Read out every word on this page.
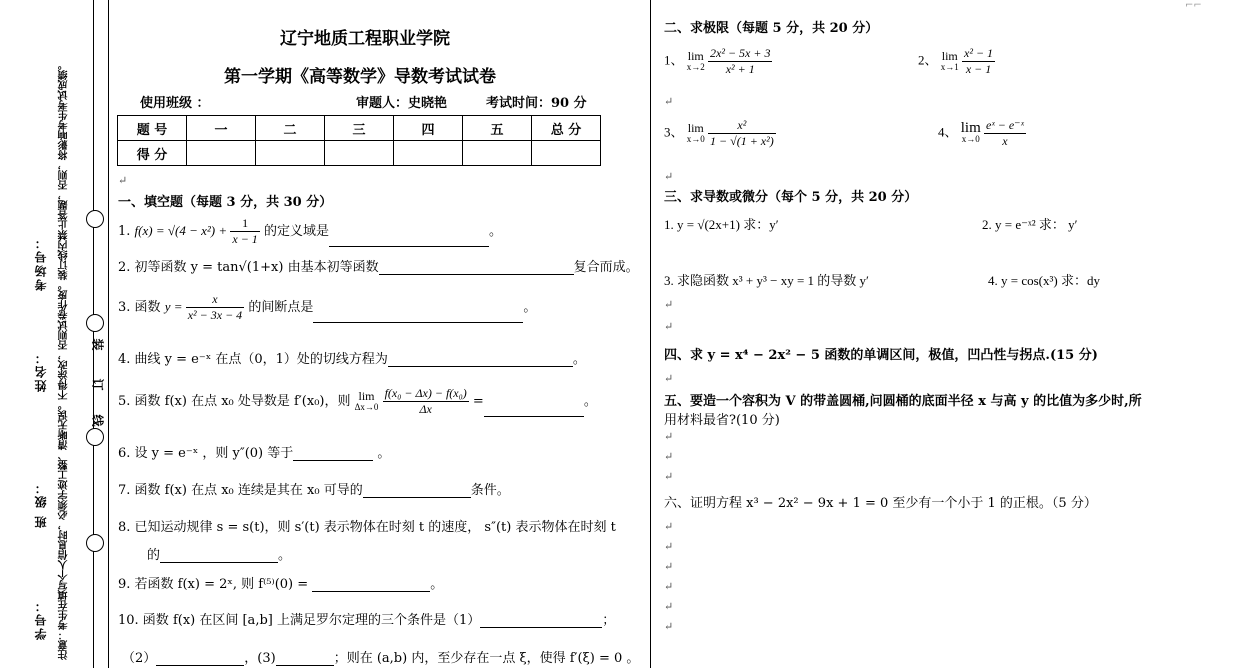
注意：考生在填写个人信息时，必须字迹工整、清晰无误。不得涂改，否则试卷作废。装订线内禁止答题，否则，将影响考生考试成绩。
学号：
班 级：
姓名：
考场号：
装
订
线
⌐⌐
辽宁地质工程职业学院
第一学期《高等数学》导数考试试卷
使用班级 ：	审题人：史晓艳	考试时间：90 分
题 号	一	二	三	四	五	总 分
得 分						
一、填空题（每题 3 分，共 30 分）
1. $f(x) = √(4 - x^2) + \frac{1}{x - 1}$ 的定义域是	。
2. 初等函数 y = tan√(1+x) 由基本初等函数	复合而成。
3. 函数 $y = \frac{x}{\text{x² − 3x − 4}}$ 的间断点是	。
4. 曲线 y = e⁻ˣ 在点（0，1）处的切线方程为	。
5. 函数 f(x) 在点 x₀ 处导数是 f′(x₀)，则 lim
Δx→0
$\frac{\text{f(x₀ − Δx) − f(x₀)}}{\Delta x}$ =	。
6. 设 y = e⁻ˣ ，则 y″(0) 等于	。
7. 函数 f(x) 在点 x₀ 连续是其在 x₀ 可导的	条件。
8. 已知运动规律 s = s(t)，则 s′(t) 表示物体在时刻 t 的速度， s″(t) 表示物体在时刻 t
的	。
9. 若函数 f(x) = 2ˣ, 则 f⁽⁵⁾(0) =	。
10. 函数 f(x) 在区间 [a,b] 上满足罗尔定理的三个条件是（1）	；
（2）	，(3)	；则在 (a,b) 内，至少存在一点 ξ，使得 f′(ξ) = 0 。
二、求极限（每题 5 分，共 20 分）
1、 lim
x→2
$\frac{\text{2x² − 5x + 3}}{\text{x² + 1}}$	2、 lim
x→1
$\frac{\text{x² − 1}}{x - 1}$
3、 lim
x→0
$\frac{\text{x²}}{\text{1 − √(1 + x²)}}$	4、 lim
x→0
$\frac{\text{eˣ − e⁻ˣ}}{x}$
三、求导数或微分（每个 5 分，共 20 分）
1. y = √(2x+1) 求：y′	2. y = e⁻ˣ² 求： y′
3. 求隐函数 x³ + y³ − xy = 1 的导数 y′	4. y = cos(x³) 求：dy
四、求 y = x⁴ − 2x² − 5 函数的单调区间，极值，凹凸性与拐点.(15 分)
五、要造一个容积为 V 的带盖圆桶,问圆桶的底面半径 x 与高 y 的比值为多少时,所
用材料最省?(10 分)
六、证明方程 x³ − 2x² − 9x + 1 = 0 至少有一个小于 1 的正根。（5 分）
↵
↵
↵
↵
↵
↵
↵
↵
↵
↵
↵
↵
↵
↵
↵
